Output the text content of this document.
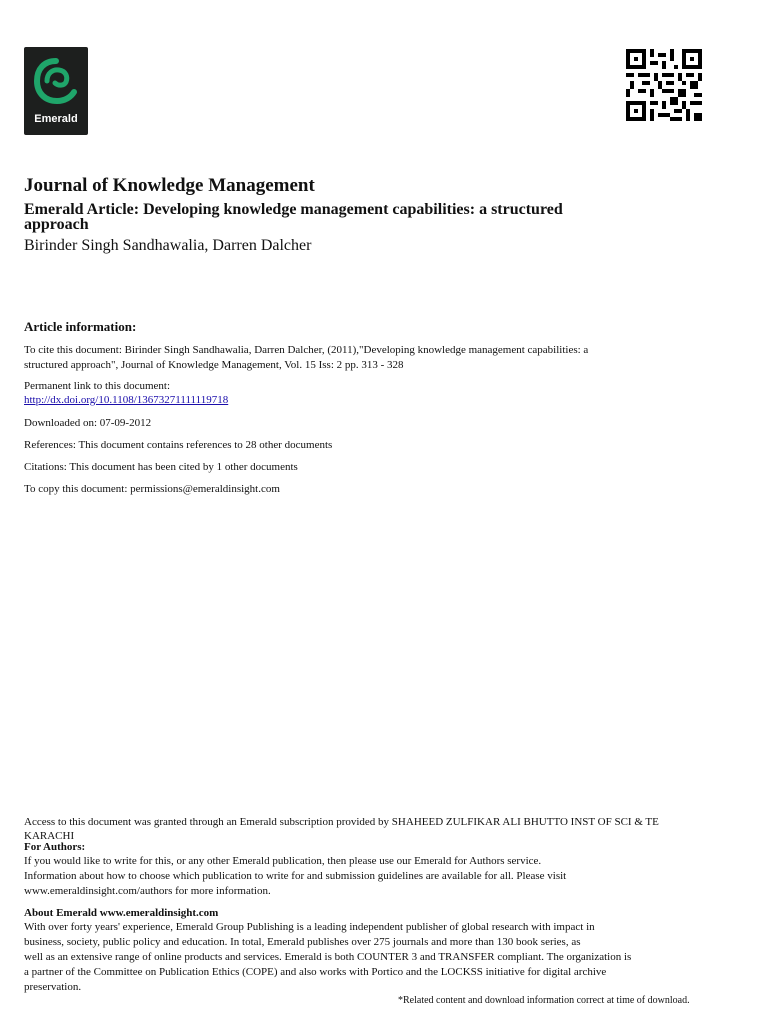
Emerald
Journal of Knowledge Management
Emerald Article: Developing knowledge management capabilities: a structured approach
Birinder Singh Sandhawalia, Darren Dalcher
Article information:
To cite this document: Birinder Singh Sandhawalia, Darren Dalcher, (2011),"Developing knowledge management capabilities: a
structured approach", Journal of Knowledge Management, Vol. 15 Iss: 2 pp. 313 - 328
Permanent link to this document:
http://dx.doi.org/10.1108/13673271111119718
Downloaded on: 07-09-2012
References: This document contains references to 28 other documents
Citations: This document has been cited by 1 other documents
To copy this document: permissions@emeraldinsight.com
Access to this document was granted through an Emerald subscription provided by SHAHEED ZULFIKAR ALI BHUTTO INST OF SCI & TE
KARACHI
For Authors:
If you would like to write for this, or any other Emerald publication, then please use our Emerald for Authors service.
Information about how to choose which publication to write for and submission guidelines are available for all. Please visit
www.emeraldinsight.com/authors for more information.
About Emerald www.emeraldinsight.com
With over forty years' experience, Emerald Group Publishing is a leading independent publisher of global research with impact in
business, society, public policy and education. In total, Emerald publishes over 275 journals and more than 130 book series, as
well as an extensive range of online products and services. Emerald is both COUNTER 3 and TRANSFER compliant. The organization is
a partner of the Committee on Publication Ethics (COPE) and also works with Portico and the LOCKSS initiative for digital archive
preservation.
*Related content and download information correct at time of download.
